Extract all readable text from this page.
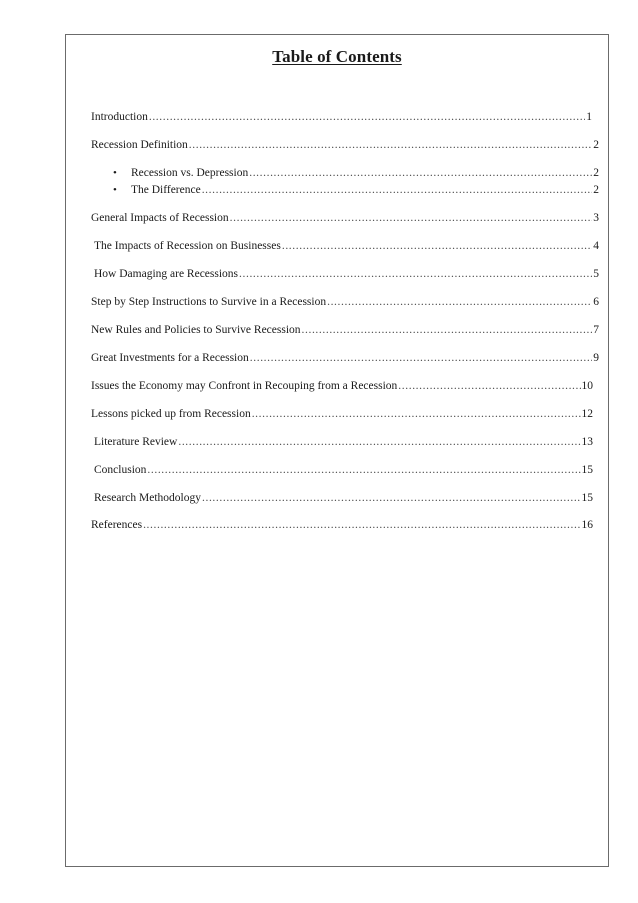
Table of Contents
Introduction .....	1
Recession Definition .....	2
•	Recession vs. Depression .....	2
•	The Difference .....	2
General Impacts of Recession .....	3
The Impacts of Recession on Businesses .....	4
How Damaging are Recessions .....	5
Step by Step Instructions to Survive in a Recession .....	6
New Rules and Policies to Survive Recession .....	7
Great Investments for a Recession .....	9
Issues the Economy may Confront in Recouping from a Recession .....	10
Lessons picked up from Recession .....	12
Literature Review .....	13
Conclusion .....	15
Research Methodology .....	15
References .....	16
